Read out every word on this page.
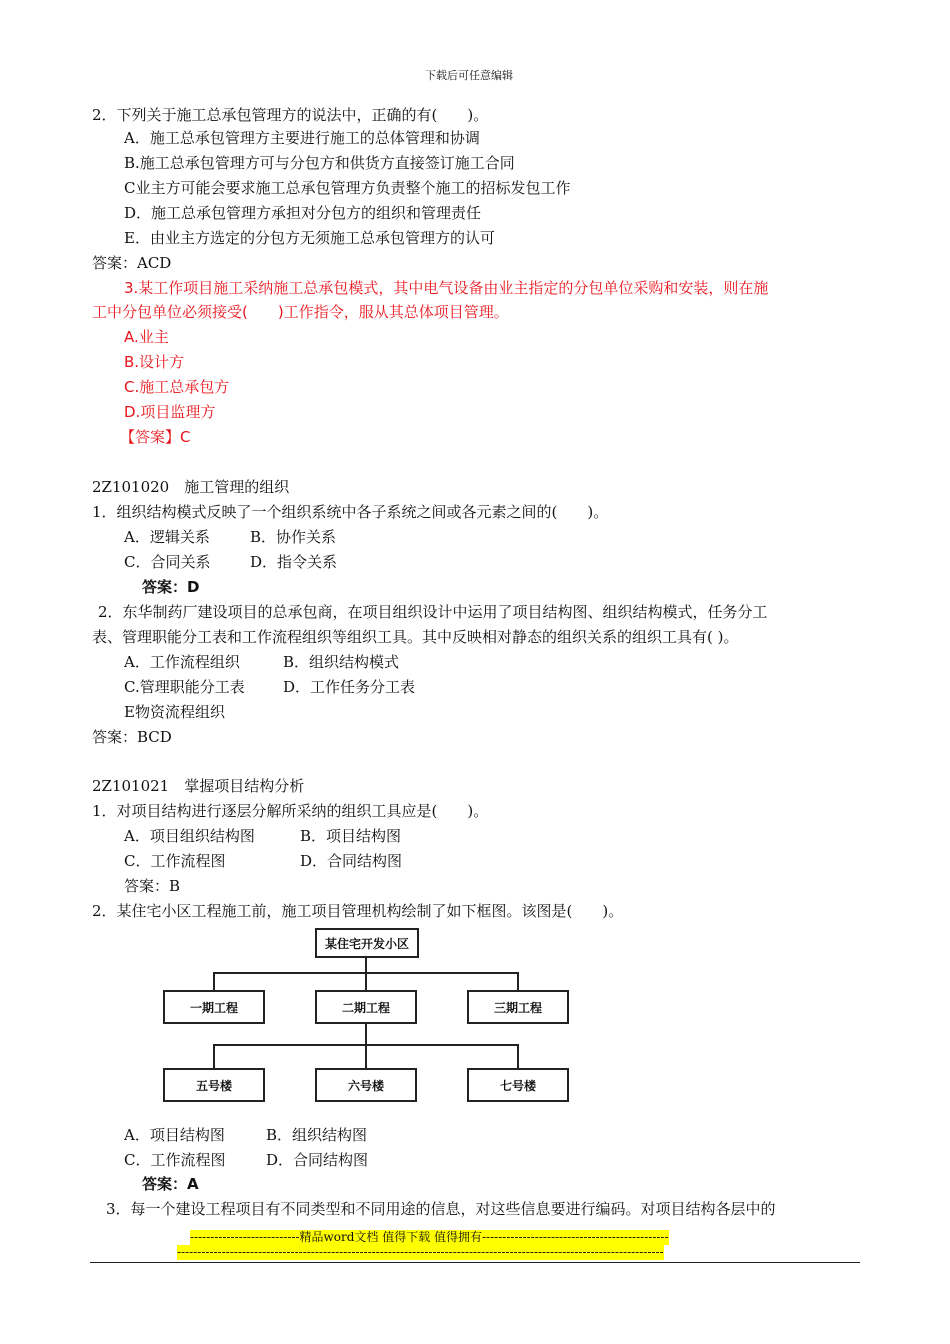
下载后可任意编辑
2．下列关于施工总承包管理方的说法中，正确的有(　　)。
A．施工总承包管理方主要进行施工的总体管理和协调
B.施工总承包管理方可与分包方和供货方直接签订施工合同
C业主方可能会要求施工总承包管理方负责整个施工的招标发包工作
D．施工总承包管理方承担对分包方的组织和管理责任
E．由业主方选定的分包方无须施工总承包管理方的认可
答案：ACD
3.某工作项目施工采纳施工总承包模式，其中电气设备由业主指定的分包单位采购和安装，则在施
工中分包单位必须接受(　　)工作指令，服从其总体项目管理。
A.业主
B.设计方
C.施工总承包方
D.项目监理方
【答案】C
2Z101020　施工管理的组织
1．组织结构模式反映了一个组织系统中各子系统之间或各元素之间的(　　)。
A．逻辑关系	B．协作关系
C．合同关系	D．指令关系
答案：D
2．东华制药厂建设项目的总承包商，在项目组织设计中运用了项目结构图、组织结构模式，任务分工
表、管理职能分工表和工作流程组织等组织工具。其中反映相对静态的组织关系的组织工具有( )。
A．工作流程组织	B．组织结构模式
C.管理职能分工表	D．工作任务分工表
E物资流程组织
答案：BCD
2Z101021　掌握项目结构分析
1．对项目结构进行逐层分解所采纳的组织工具应是(　　)。
A．项目组织结构图	B．项目结构图
C．工作流程图	D．合同结构图
答案：B
2．某住宅小区工程施工前，施工项目管理机构绘制了如下框图。该图是(　　)。
某住宅开发小区
一期工程	二期工程	三期工程
五号楼	六号楼	七号楼
A．项目结构图	B．组织结构图
C．工作流程图	D．合同结构图
答案：A
3．每一个建设工程项目有不同类型和不同用途的信息，对这些信息要进行编码。对项目结构各层中的
---------------------------精品word文档 值得下载 值得拥有----------------------------------------------
------------------------------------------------------------------------------------------------------------------------
